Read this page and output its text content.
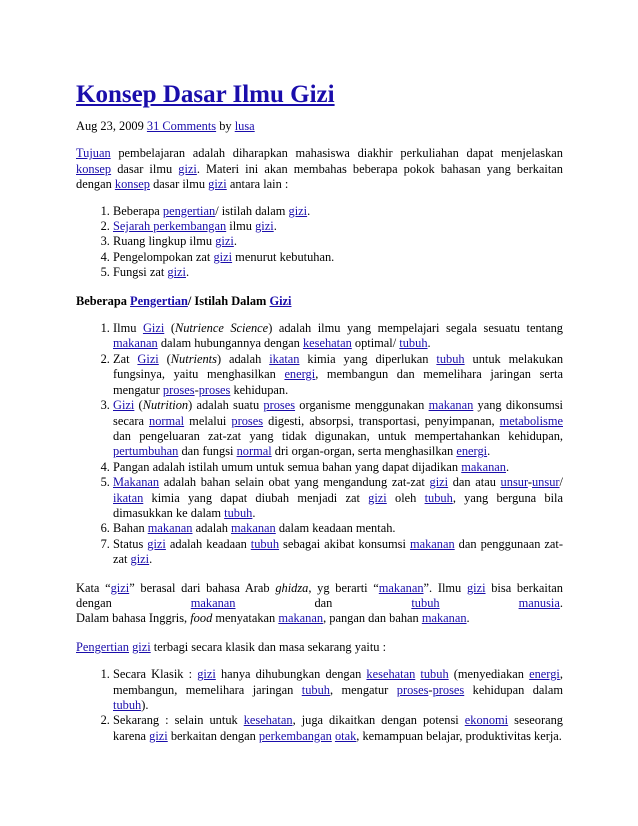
Konsep Dasar Ilmu Gizi
Aug 23, 2009 31 Comments by lusa

Tujuan pembelajaran adalah diharapkan mahasiswa diakhir perkuliahan dapat menjelaskan konsep dasar ilmu gizi. Materi ini akan membahas beberapa pokok bahasan yang berkaitan dengan konsep dasar ilmu gizi antara lain :

1. Beberapa pengertian/ istilah dalam gizi.
2. Sejarah perkembangan ilmu gizi.
3. Ruang lingkup ilmu gizi.
4. Pengelompokan zat gizi menurut kebutuhan.
5. Fungsi zat gizi.
Beberapa Pengertian/ Istilah Dalam Gizi
1. Ilmu Gizi (Nutrience Science) adalah ilmu yang mempelajari segala sesuatu tentang makanan dalam hubungannya dengan kesehatan optimal/ tubuh.
2. Zat Gizi (Nutrients) adalah ikatan kimia yang diperlukan tubuh untuk melakukan fungsinya, yaitu menghasilkan energi, membangun dan memelihara jaringan serta mengatur proses-proses kehidupan.
3. Gizi (Nutrition) adalah suatu proses organisme menggunakan makanan yang dikonsumsi secara normal melalui proses digesti, absorpsi, transportasi, penyimpanan, metabolisme dan pengeluaran zat-zat yang tidak digunakan, untuk mempertahankan kehidupan, pertumbuhan dan fungsi normal dri organ-organ, serta menghasilkan energi.
4. Pangan adalah istilah umum untuk semua bahan yang dapat dijadikan makanan.
5. Makanan adalah bahan selain obat yang mengandung zat-zat gizi dan atau unsur-unsur/ ikatan kimia yang dapat diubah menjadi zat gizi oleh tubuh, yang berguna bila dimasukkan ke dalam tubuh.
6. Bahan makanan adalah makanan dalam keadaan mentah.
7. Status gizi adalah keadaan tubuh sebagai akibat konsumsi makanan dan penggunaan zat-zat gizi.

Kata “gizi” berasal dari bahasa Arab ghidza, yg berarti “makanan”. Ilmu gizi bisa berkaitan dengan makanan dan tubuh	manusia.

Dalam bahasa Inggris, food menyatakan makanan, pangan dan bahan makanan.

Pengertian gizi terbagi secara klasik dan masa sekarang yaitu :

1. Secara Klasik : gizi hanya dihubungkan dengan kesehatan tubuh (menyediakan energi, membangun, memelihara jaringan tubuh, mengatur proses-proses kehidupan dalam tubuh).
2. Sekarang : selain untuk kesehatan, juga dikaitkan dengan potensi ekonomi seseorang karena gizi berkaitan dengan perkembangan otak, kemampuan belajar, produktivitas kerja.
